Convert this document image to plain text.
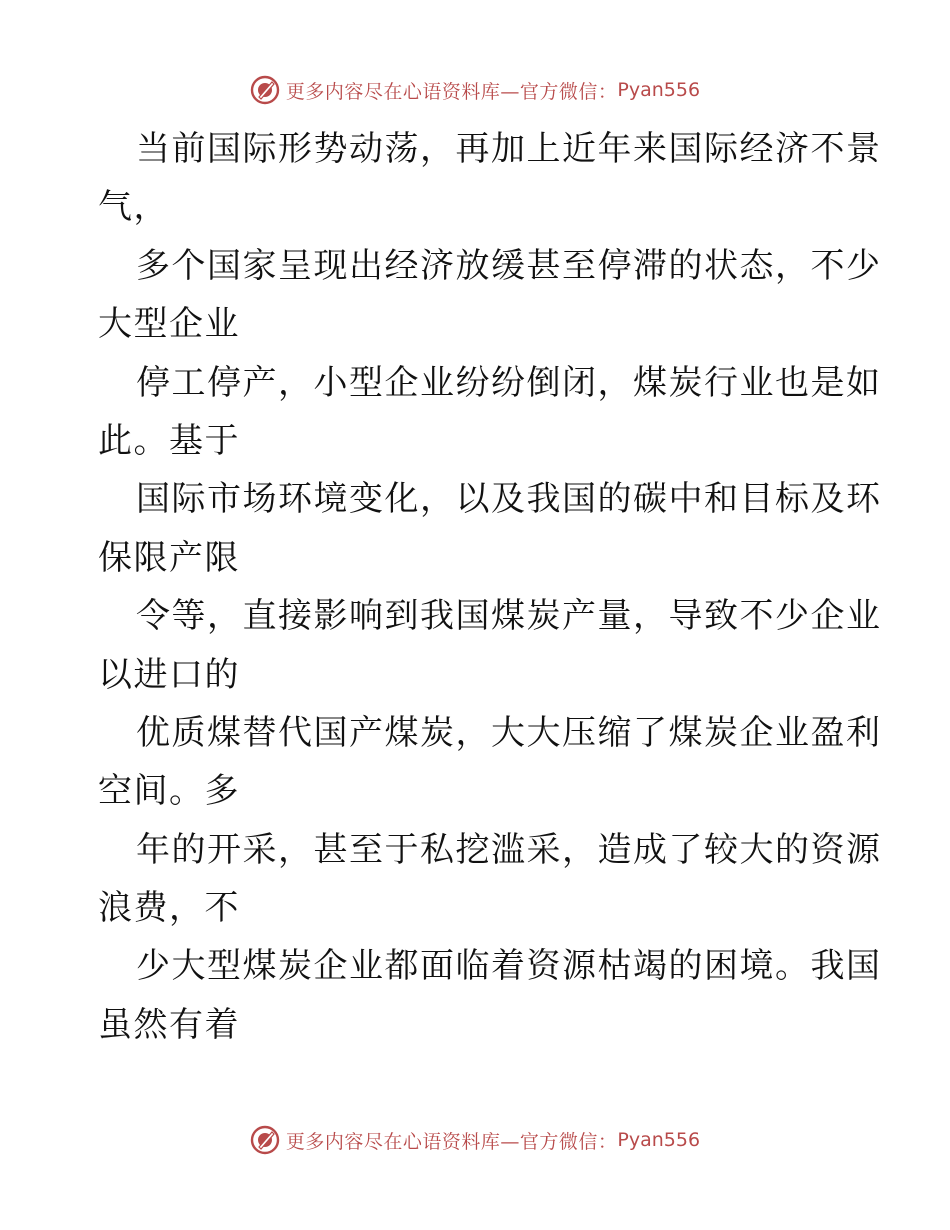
更多内容尽在心语资料库—官方微信： Pyan556
当前国际形势动荡，再加上近年来国际经济不景
气，
多个国家呈现出经济放缓甚至停滞的状态，不少
大型企业
停工停产，小型企业纷纷倒闭，煤炭行业也是如
此。基于
国际市场环境变化，以及我国的碳中和目标及环
保限产限
令等，直接影响到我国煤炭产量，导致不少企业
以进口的
优质煤替代国产煤炭，大大压缩了煤炭企业盈利
空间。多
年的开采，甚至于私挖滥采，造成了较大的资源
浪费，不
少大型煤炭企业都面临着资源枯竭的困境。我国
虽然有着
更多内容尽在心语资料库—官方微信： Pyan556
